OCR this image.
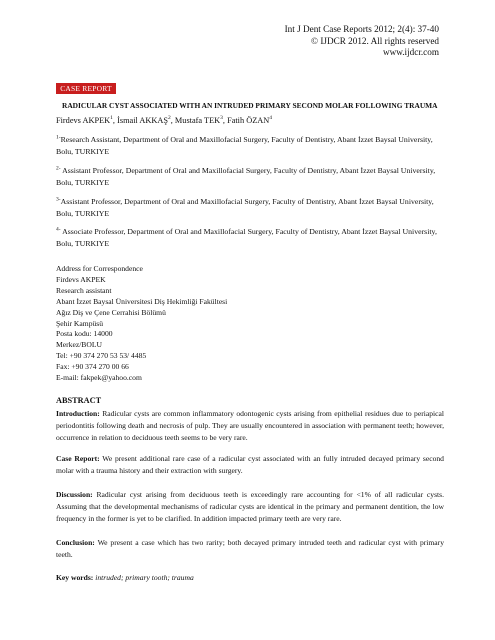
Int J Dent Case Reports 2012; 2(4): 37-40
© IJDCR 2012. All rights reserved
www.ijdcr.com
CASE REPORT
RADICULAR CYST ASSOCIATED WITH AN INTRUDED PRIMARY SECOND MOLAR FOLLOWING TRAUMA
Firdevs AKPEK$^1$, İsmail AKKAŞ$^2$, Mustafa TEK$^3$, Fatih ÖZAN$^4$
$^{1-}$Research Assistant, Department of Oral and Maxillofacial Surgery, Faculty of Dentistry, Abant İzzet Baysal University, Bolu, TURKIYE
$^{2-}$ Assistant Professor, Department of Oral and Maxillofacial Surgery, Faculty of Dentistry, Abant İzzet Baysal University, Bolu, TURKIYE
$^{3-}$Assistant Professor, Department of Oral and Maxillofacial Surgery, Faculty of Dentistry, Abant İzzet Baysal University, Bolu, TURKIYE
$^{4-}$ Associate Professor, Department of Oral and Maxillofacial Surgery, Faculty of Dentistry, Abant İzzet Baysal University, Bolu, TURKIYE
Address for Correspondence
Firdevs AKPEK
Research assistant
Abant İzzet Baysal Üniversitesi Diş Hekimliği Fakültesi
Ağız Diş ve Çene Cerrahisi Bölümü
Şehir Kampüsü
Posta kodu: 14000
Merkez/BOLU
Tel: +90 374 270 53 53/ 4485
Fax: +90 374 270 00 66
E-mail: fakpek@yahoo.com
ABSTRACT
Introduction: Radicular cysts are common inflammatory odontogenic cysts arising from epithelial residues due to periapical periodontitis following death and necrosis of pulp. They are usually encountered in association with permanent teeth; however, occurrence in relation to deciduous teeth seems to be very rare.
Case Report: We present additional rare case of a radicular cyst associated with an fully intruded decayed primary second molar with a trauma history and their extraction with surgery.
Discussion: Radicular cyst arising from deciduous teeth is exceedingly rare accounting for <1% of all radicular cysts. Assuming that the developmental mechanisms of radicular cysts are identical in the primary and permanent dentition, the low frequency in the former is yet to be clarified. In addition impacted primary teeth are very rare.
Conclusion: We present a case which has two rarity; both decayed primary intruded teeth and radicular cyst with primary teeth.
Key words: intruded; primary tooth; trauma
